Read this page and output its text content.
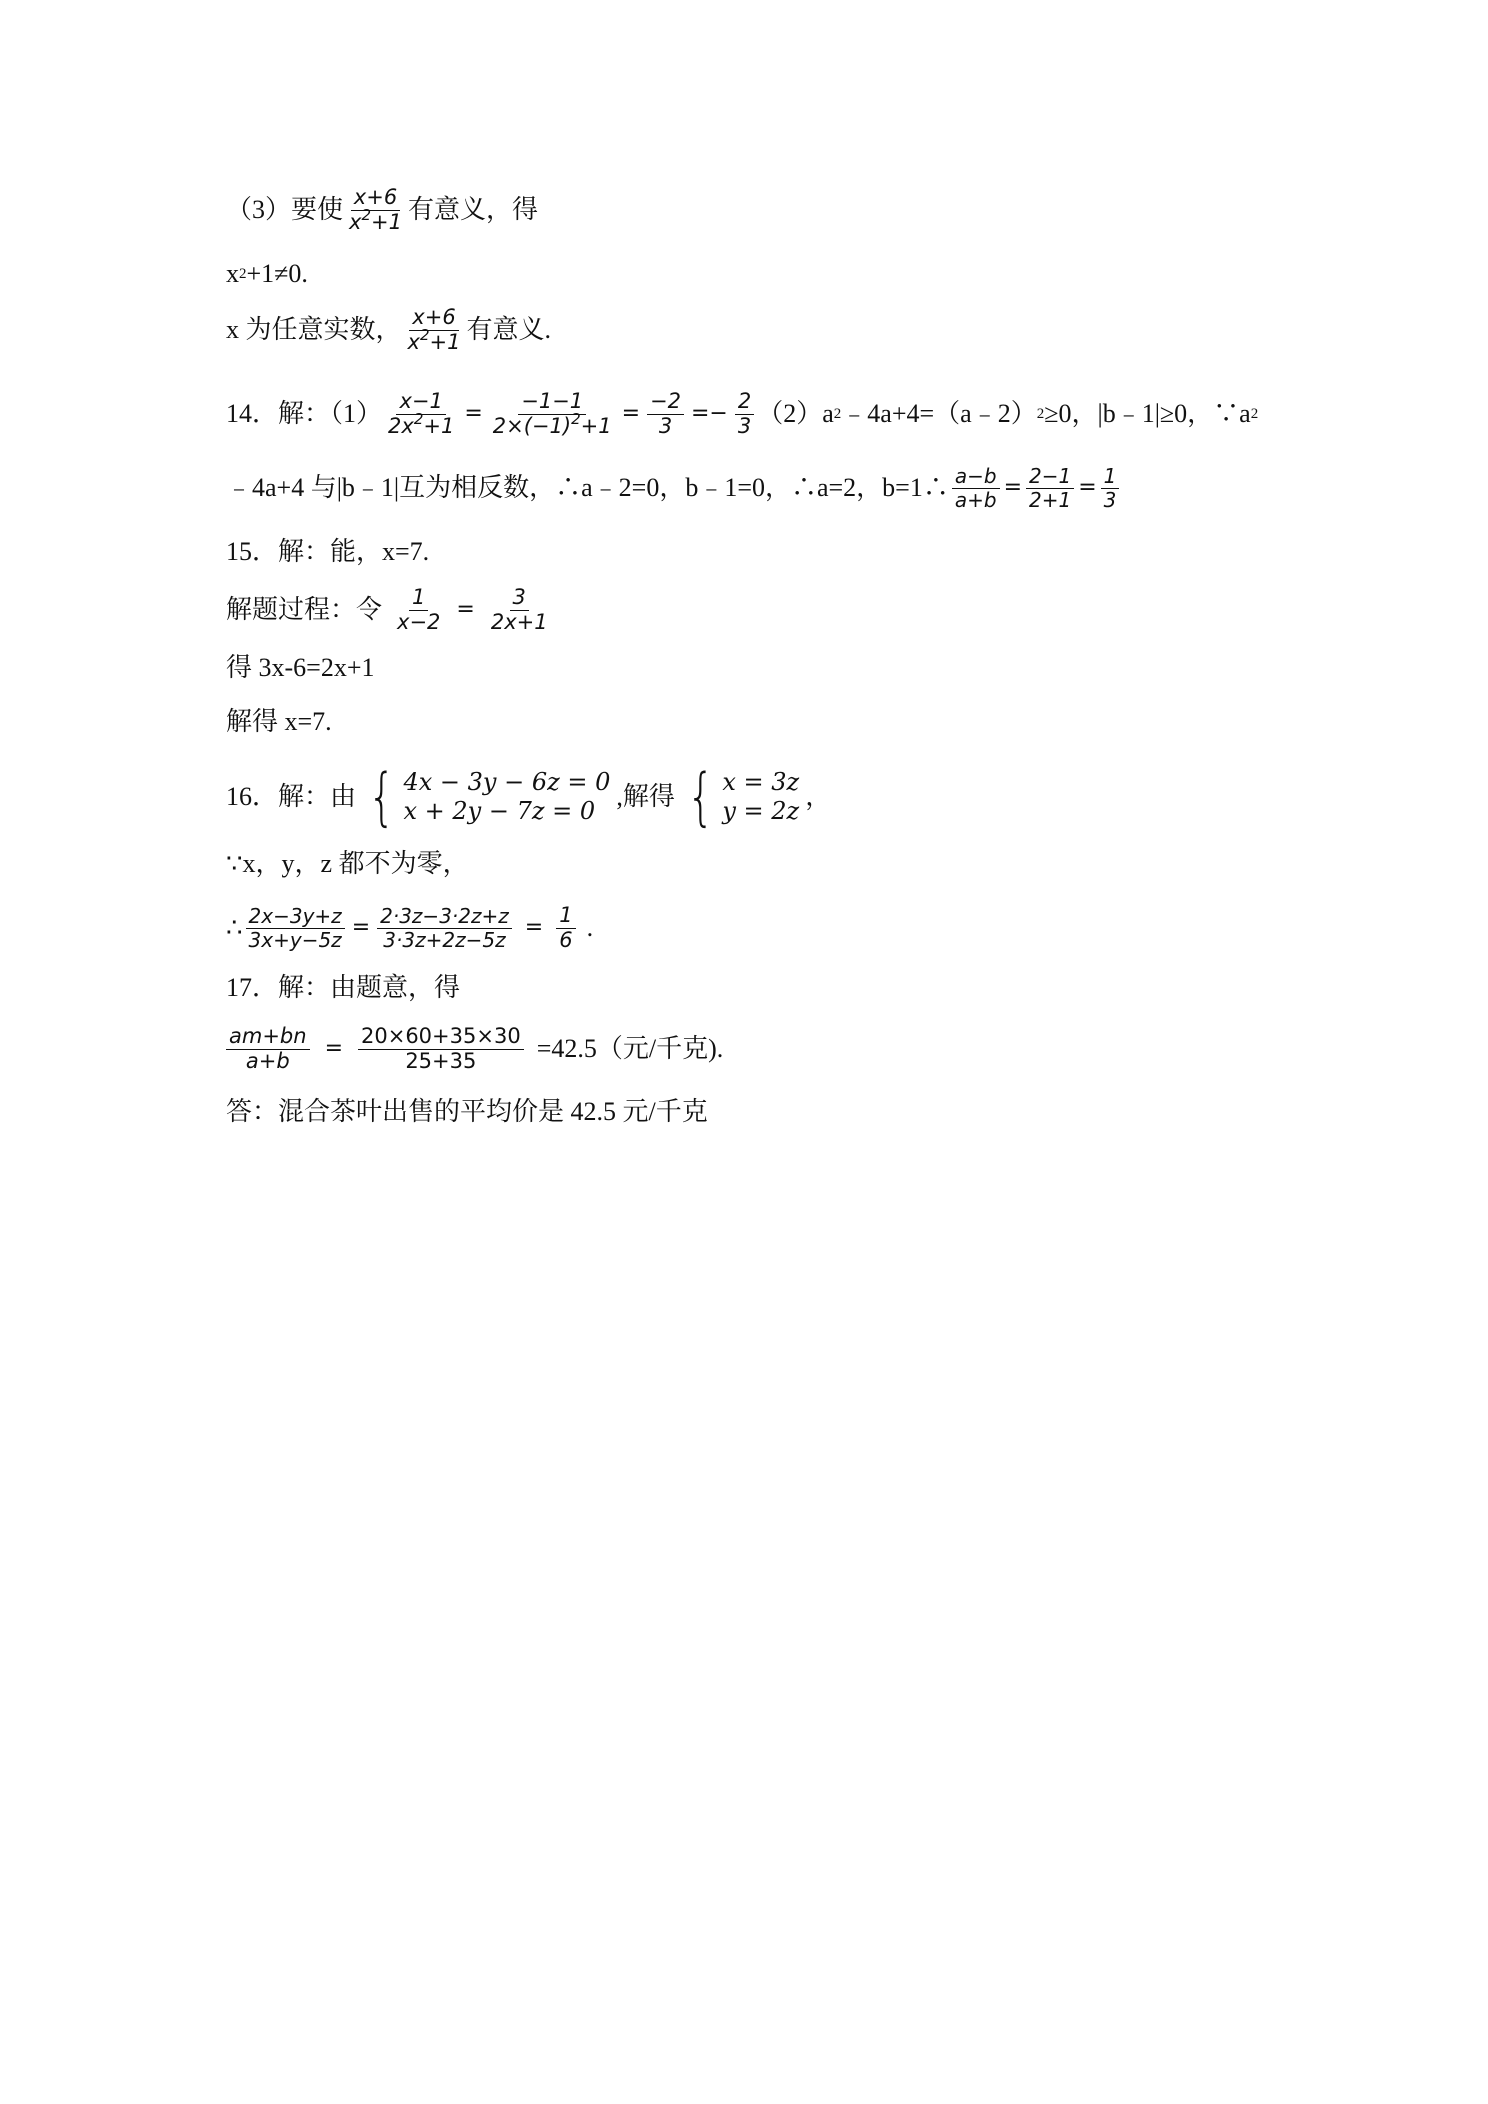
（3）要使 $\frac{x+6}{x^2+1}$ 有意义，得
x 2 +1≠0.
x 为任意实数， $\frac{x+6}{x^2+1}$ 有意义.
14．解：$(1) \frac{x-1}{2x^2+1} = \frac{-1-1}{2\times(-1)^2+1} = \frac{-2}{3} =- \frac{2}{3} (2)a$ 2 ﹣4a+4=（a﹣2） 2 ≥0，|b﹣1|≥0，∵a 2
﹣4a+4 与|b﹣1|互为相反数，∴a﹣2=0，b﹣1=0，∴a=2，b=1∴ $\frac{a-b}{a+b} = \frac{2-1}{2+1} = \frac{1}{3}$
15．解：能，x=7.
解题过程：令 $\frac{1}{x-2} = \frac{3}{2x+1}$
得 3x-6=2x+1
解得 x=7.
16．解：由 { 4x − 3y − 6z = 0
x + 2y − 7z = 0 ,解得 { x = 3z
y = 2z ，
∵x，y，z 都不为零，
∴ $\frac{2x-3y+z}{3x+y-5z} = \frac{2\cdot 3z-3\cdot 2z+z}{3\cdot 3z+2z-5z} = \frac{1}{6}$ .
17．解：由题意，得
$\frac{am+bn}{a+b} = \frac{20\times 60+35\times 30}{25+35} =42.5$（元/千克).
答：混合茶叶出售的平均价是 42.5 元/千克
